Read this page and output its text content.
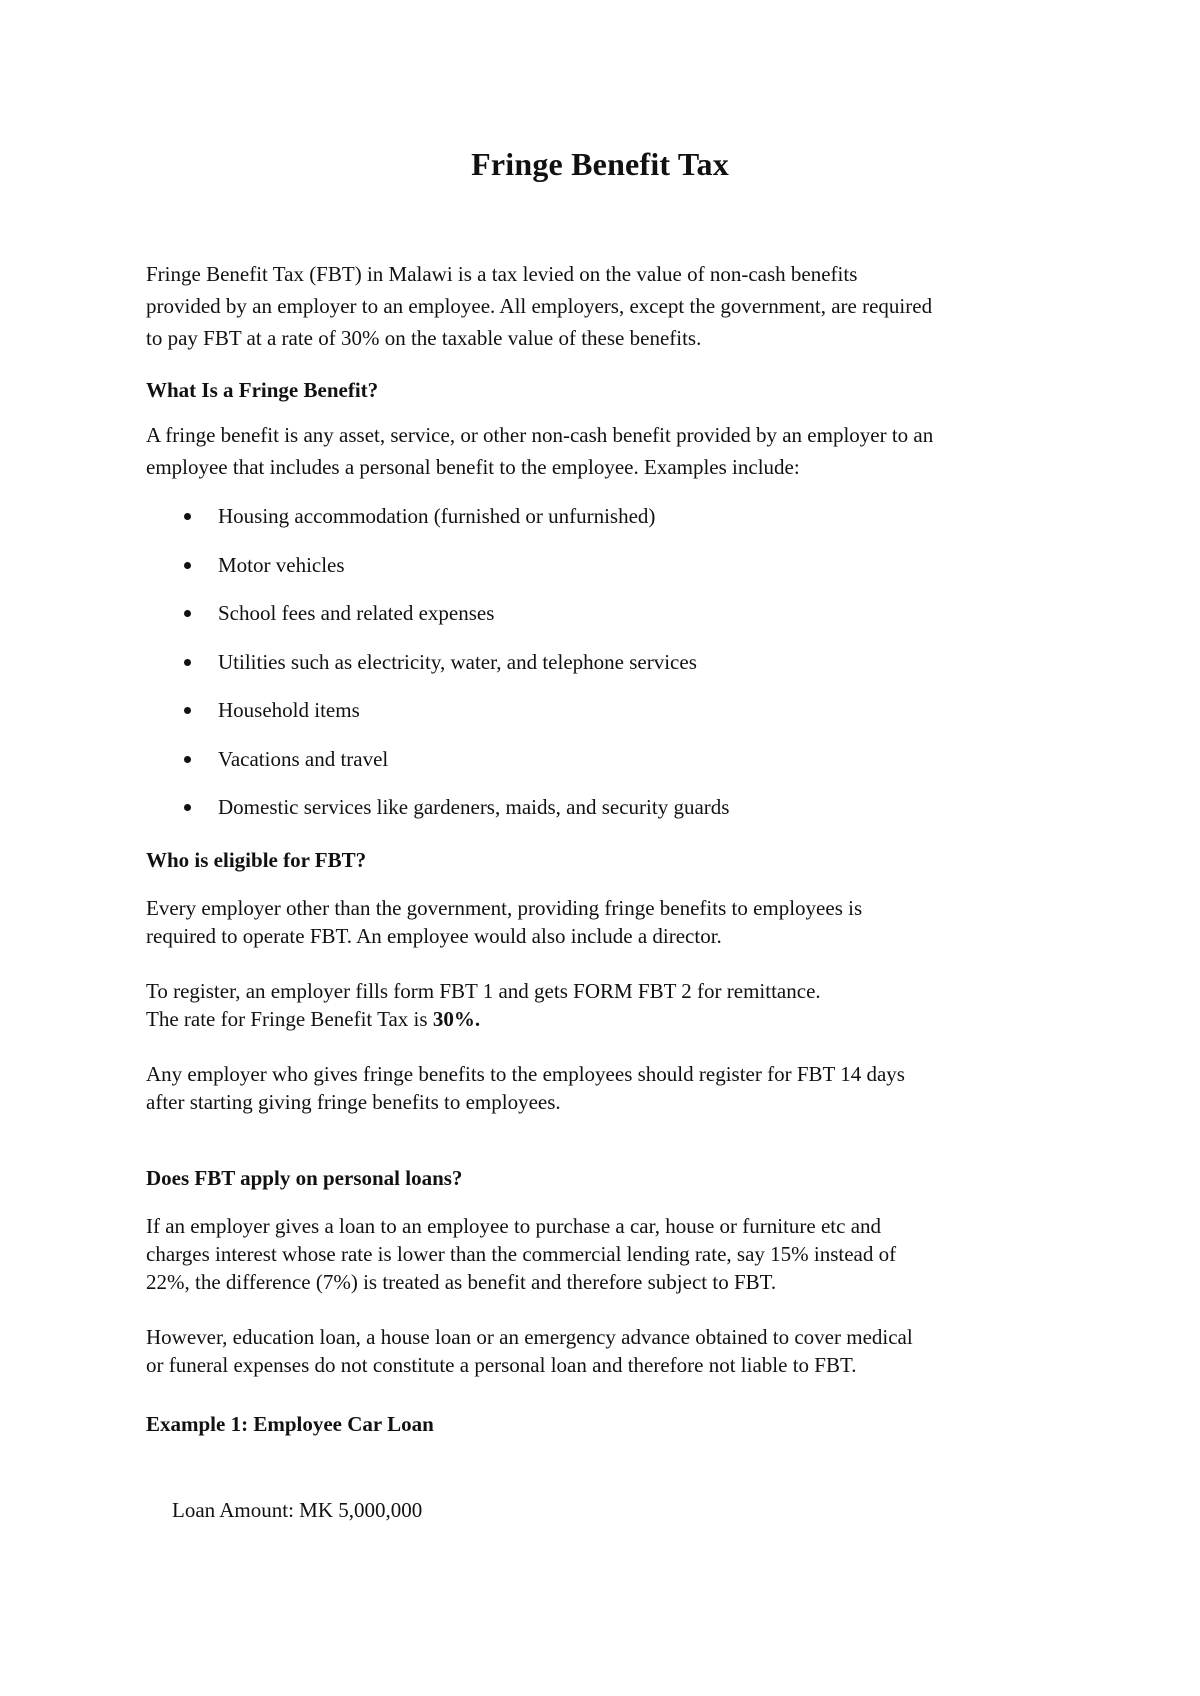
Fringe Benefit Tax

Fringe Benefit Tax (FBT) in Malawi is a tax levied on the value of non-cash benefits

provided by an employer to an employee. All employers, except the government, are required

to pay FBT at a rate of 30% on the taxable value of these benefits.

What Is a Fringe Benefit?

A fringe benefit is any asset, service, or other non-cash benefit provided by an employer to an

employee that includes a personal benefit to the employee. Examples include:

Housing accommodation (furnished or unfurnished)
Motor vehicles
School fees and related expenses
Utilities such as electricity, water, and telephone services
Household items
Vacations and travel
Domestic services like gardeners, maids, and security guards
Who is eligible for FBT?

Every employer other than the government, providing fringe benefits to employees is

required to operate FBT. An employee would also include a director.

To register, an employer fills form FBT 1 and gets FORM FBT 2 for remittance.

The rate for Fringe Benefit Tax is 30%.

Any employer who gives fringe benefits to the employees should register for FBT 14 days

after starting giving fringe benefits to employees.

Does FBT apply on personal loans?

If an employer gives a loan to an employee to purchase a car, house or furniture etc and

charges interest whose rate is lower than the commercial lending rate, say 15% instead of

22%, the difference (7%) is treated as benefit and therefore subject to FBT.

However, education loan, a house loan or an emergency advance obtained to cover medical

or funeral expenses do not constitute a personal loan and therefore not liable to FBT.

Example 1: Employee Car Loan

Loan Amount: MK 5,000,000
